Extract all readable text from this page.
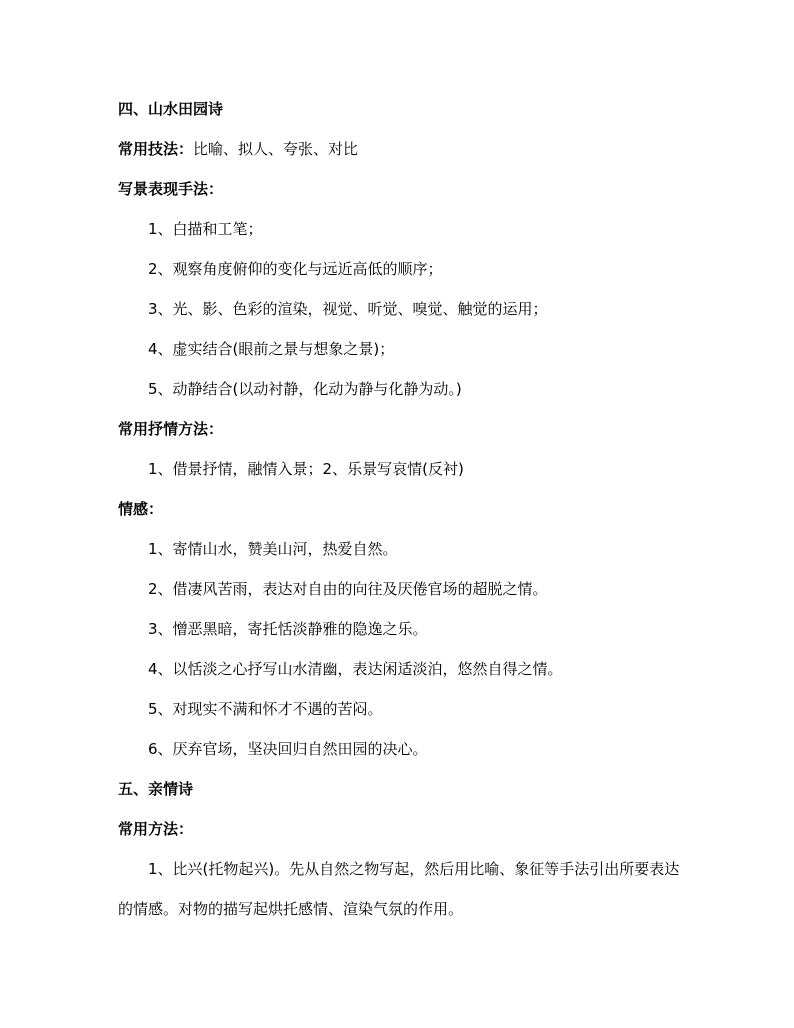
四、山水田园诗
常用技法：比喻、拟人、夸张、对比
写景表现手法：
1、白描和工笔；
2、观察角度俯仰的变化与远近高低的顺序；
3、光、影、色彩的渲染，视觉、听觉、嗅觉、触觉的运用；
4、虚实结合(眼前之景与想象之景)；
5、动静结合(以动衬静，化动为静与化静为动。)
常用抒情方法：
1、借景抒情，融情入景；2、乐景写哀情(反衬)
情感：
1、寄情山水，赞美山河，热爱自然。
2、借凄风苦雨，表达对自由的向往及厌倦官场的超脱之情。
3、憎恶黑暗，寄托恬淡静雅的隐逸之乐。
4、以恬淡之心抒写山水清幽，表达闲适淡泊，悠然自得之情。
5、对现实不满和怀才不遇的苦闷。
6、厌弃官场，坚决回归自然田园的决心。
五、亲情诗
常用方法：
1、比兴(托物起兴)。先从自然之物写起，然后用比喻、象征等手法引出所要表达的情感。对物的描写起烘托感情、渲染气氛的作用。
